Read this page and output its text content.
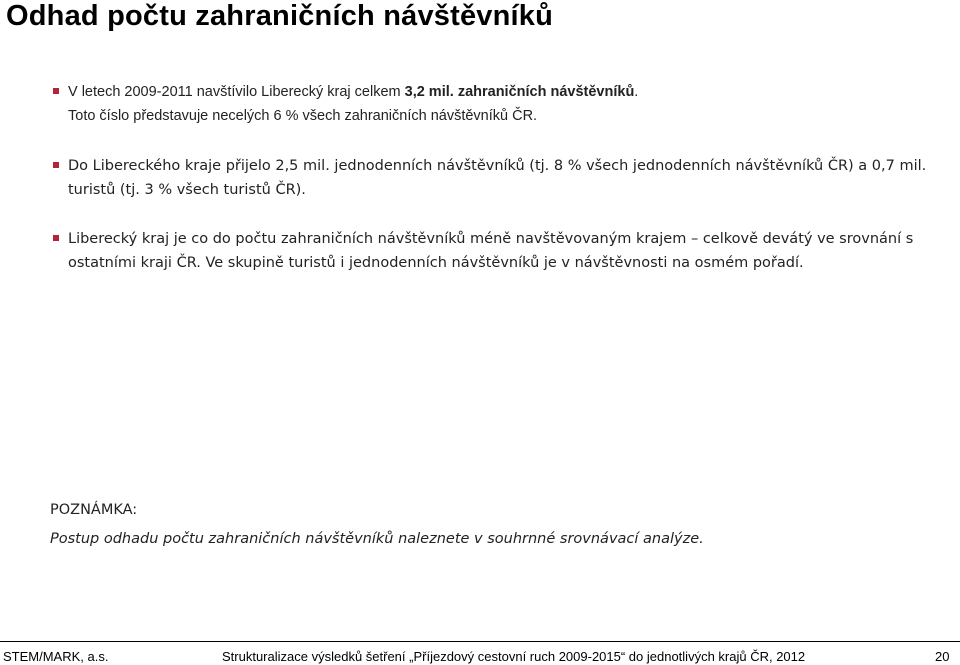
Odhad počtu zahraničních návštěvníků
V letech 2009-2011 navštívilo Liberecký kraj celkem 3,2 mil. zahraničních návštěvníků.
Toto číslo představuje necelých 6 % všech zahraničních návštěvníků ČR.
Do Libereckého kraje přijelo 2,5 mil. jednodenních návštěvníků (tj. 8 % všech jednodenních návštěvníků ČR) a 0,7 mil.
turistů (tj. 3 % všech turistů ČR).
Liberecký kraj je co do počtu zahraničních návštěvníků méně navštěvovaným krajem – celkově devátý ve srovnání s
ostatními kraji ČR. Ve skupině turistů i jednodenních návštěvníků je v návštěvnosti na osmém pořadí.
POZNÁMKA:
Postup odhadu počtu zahraničních návštěvníků naleznete v souhrnné srovnávací analýze.
STEM/MARK, a.s.	Strukturalizace výsledků šetření „Příjezdový cestovní ruch 2009-2015“ do jednotlivých krajů ČR, 2012	20
